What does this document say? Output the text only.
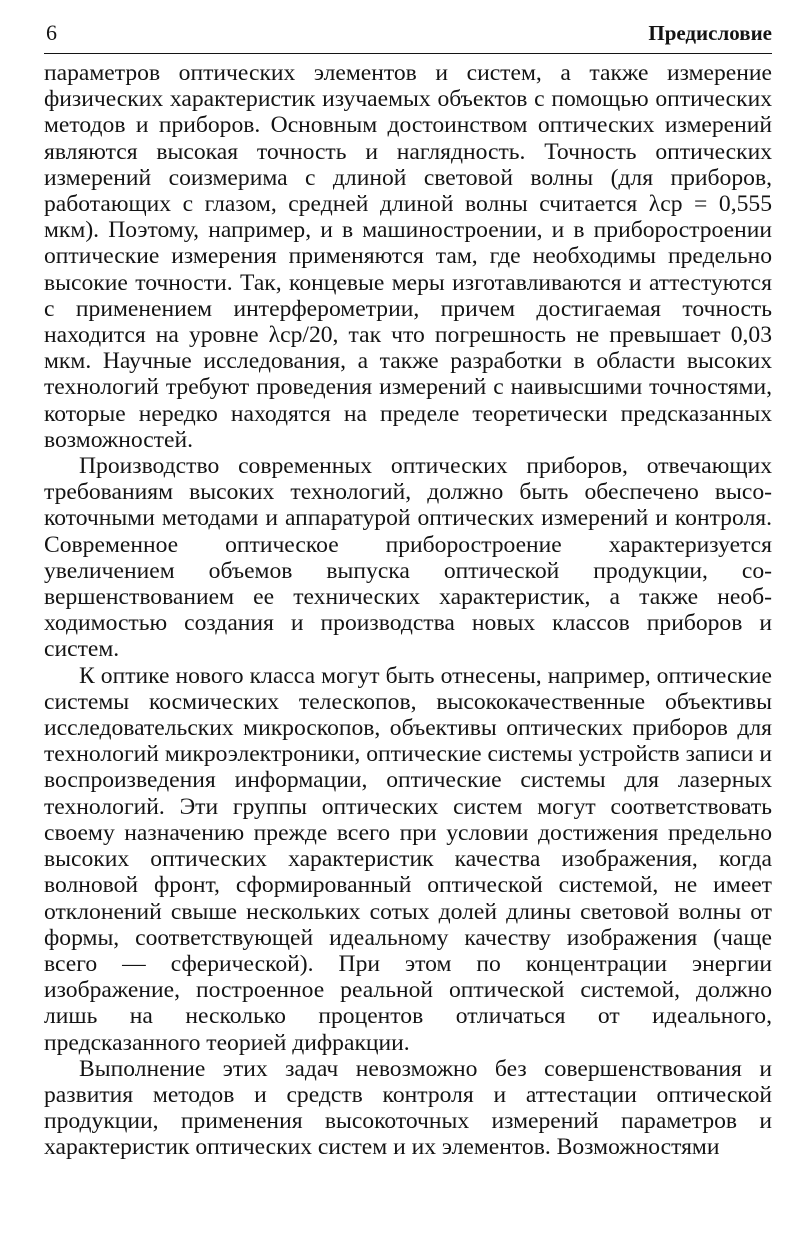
6	Предисловие

параметров оптических элементов и систем, а также измерение физических характеристик изучаемых объектов с помощью оптических методов и приборов. Основным достоинством оптических измерений являются высокая точность и наглядность. Точность оптических измерений соизмерима с длиной световой волны (для приборов, работающих с глазом, средней длиной волны считается λср = 0,555 мкм). Поэтому, например, и в машиностроении, и в приборостроении оптические измерения применяются там, где необходимы предельно высокие точности. Так, концевые меры изготавливаются и аттестуются с применением интерферометрии, причем достигаемая точность находится на уровне λср/20, так что погрешность не превышает 0,03 мкм. Научные исследования, а также разработки в области высоких технологий требуют проведения измерений с наивысшими точностями, которые нередко находятся на пределе теоретически предсказанных возможностей.

Производство современных оптических приборов, отвечающих требованиям высоких технологий, должно быть обеспечено высокоточными методами и аппаратурой оптических измерений и контроля. Современное оптическое приборостроение характеризуется увеличением объемов выпуска оптической продукции, совершенствованием ее технических характеристик, а также необходимостью создания и производства новых классов приборов и систем.

К оптике нового класса могут быть отнесены, например, оптические системы космических телескопов, высококачественные объективы исследовательских микроскопов, объективы оптических приборов для технологий микроэлектроники, оптические системы устройств записи и воспроизведения информации, оптические системы для лазерных технологий. Эти группы оптических систем могут соответствовать своему назначению прежде всего при условии достижения предельно высоких оптических характеристик качества изображения, когда волновой фронт, сформированный оптической системой, не имеет отклонений свыше нескольких сотых долей длины световой волны от формы, соответствующей идеальному качеству изображения (чаще всего — сферической). При этом по концентрации энергии изображение, построенное реальной оптической системой, должно лишь на несколько процентов отличаться от идеального, предсказанного теорией дифракции.

Выполнение этих задач невозможно без совершенствования и развития методов и средств контроля и аттестации оптической продукции, применения высокоточных измерений параметров и характеристик оптических систем и их элементов. Возможностями
